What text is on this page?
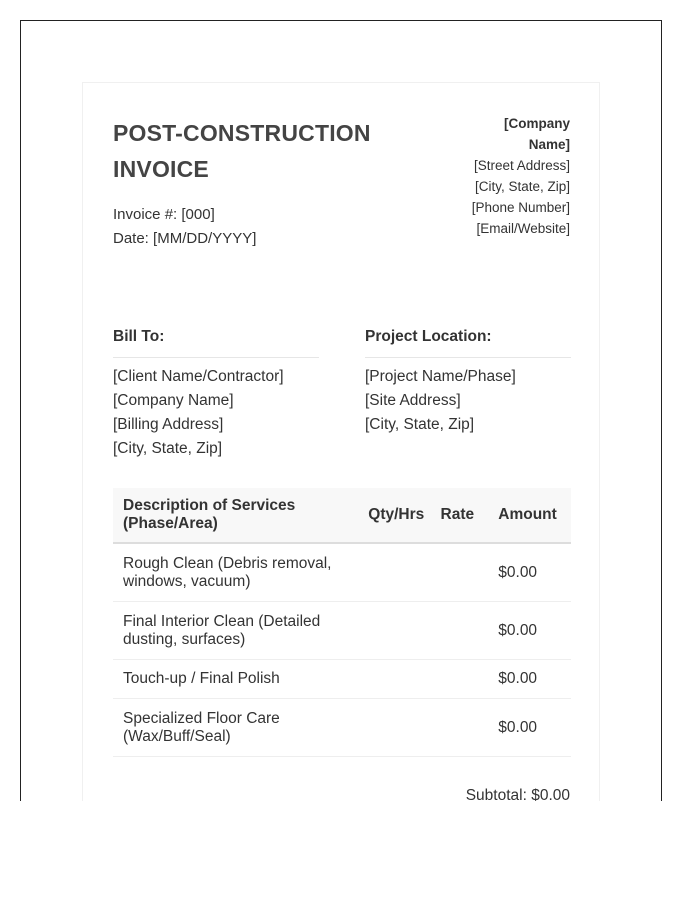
POST-CONSTRUCTION
INVOICE
Invoice #: [000]
Date: [MM/DD/YYYY]
[Company
Name]
[Street Address]
[City, State, Zip]
[Phone Number]
[Email/Website]
Bill To:
[Client Name/Contractor]
[Company Name]
[Billing Address]
[City, State, Zip]
Project Location:
[Project Name/Phase]
[Site Address]
[City, State, Zip]
Description of Services
(Phase/Area)	Qty/Hrs	Rate	Amount
Rough Clean (Debris removal,
windows, vacuum)			$0.00
Final Interior Clean (Detailed
dusting, surfaces)			$0.00
Touch-up / Final Polish			$0.00
Specialized Floor Care
(Wax/Buff/Seal)			$0.00
Subtotal: $0.00
